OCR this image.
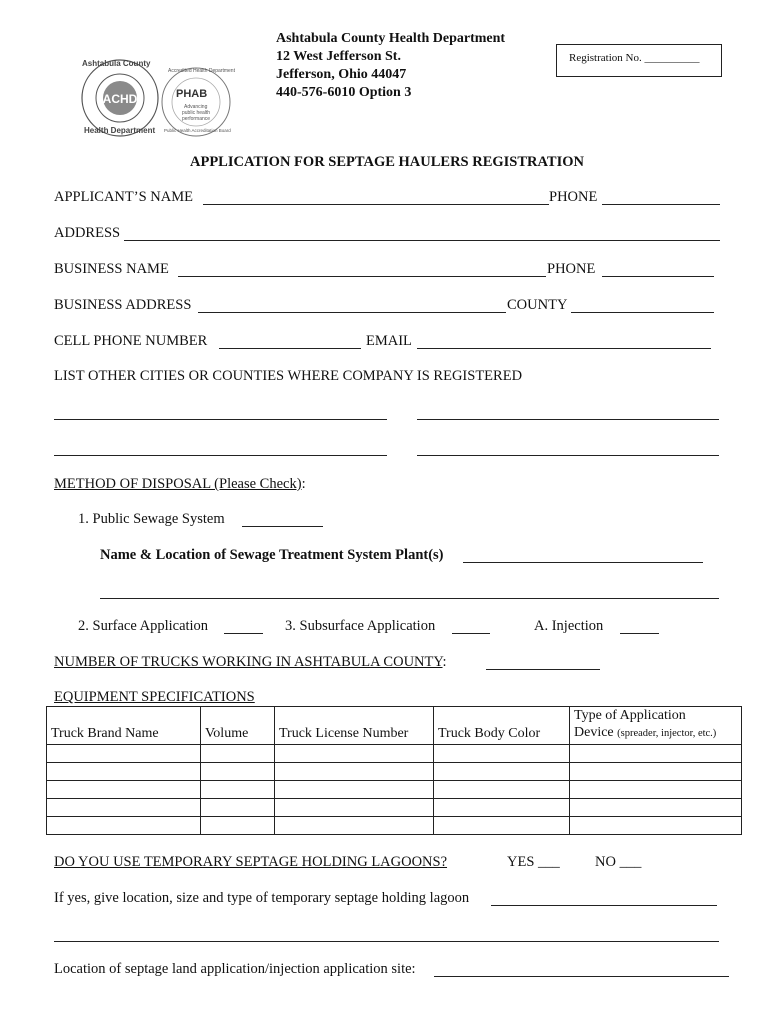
ACHD
Ashtabula County
Health Department
Accredited Health Department
PHAB
Advancing
public health
performance
Public Health Accreditation Board
Ashtabula County Health Department
12 West Jefferson St.
Jefferson, Ohio 44047
440-576-6010 Option 3
Registration No. __________
APPLICATION FOR SEPTAGE HAULERS REGISTRATION
APPLICANT’S NAME	PHONE
ADDRESS
BUSINESS NAME	PHONE
BUSINESS ADDRESS	COUNTY
CELL PHONE NUMBER	EMAIL
LIST OTHER CITIES OR COUNTIES WHERE COMPANY IS REGISTERED
METHOD OF DISPOSAL (Please Check):
1. Public Sewage System
Name & Location of Sewage Treatment System Plant(s)
2. Surface Application	3. Subsurface Application	A. Injection
NUMBER OF TRUCKS WORKING IN ASHTABULA COUNTY:
EQUIPMENT SPECIFICATIONS
Truck Brand Name	Volume	Truck License Number	Truck Body Color	Type of Application
Device (spreader, injector, etc.)

DO YOU USE TEMPORARY SEPTAGE HOLDING LAGOONS?	YES ___ NO ___
If yes, give location, size and type of temporary septage holding lagoon
Location of septage land application/injection application site:
